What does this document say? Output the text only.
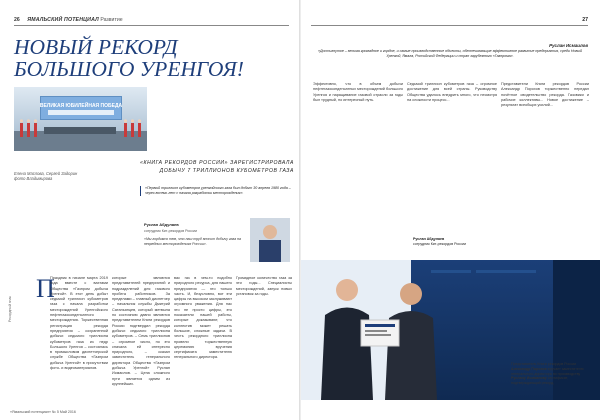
26 ЯМАЛЬСКИЙ ПОТЕНЦИАЛ Развитие
НОВЫЙ РЕКОРД
БОЛЬШОГО УРЕНГОЯ!
ВЕЛИКАЯ ЮБИЛЕЙНАЯ ПОБЕДА
«КНИГА РЕКОРДОВ РОССИИ» ЗАРЕГИСТРИРОВАЛА ДОБЫЧУ 7 ТРИЛЛИОНОВ КУБОМЕТРОВ ГАЗА
Елена Маслова, Сергей Задорин
фото Владимирова
«Первый триллион кубометров уренгойского газа был добыт 30 апреля 1980 года – через восемь лет с начала разработки месторождения».
Руслан Абдулаев
сотрудник Кит-рекордов России
«Мы гордимся тем, что наш труд вносит добычу газа на невредных месторождениях России».
П
Праздник в начале марта 2019 года вместе с вахтами Общества «Газпром добыча Уренгой». В этот день добыт седьмой триллион кубометров газа с начала разработки месторождений Уренгойского нефтегазоконденсатного месторождения. Торжественная регистрация рекорда предприятия – сохраненной добычи седьмого триллиона кубометров газа из недр Большого Уренгоя – состоялась в промысловом диспетчерской службе Общества «Газпром добыча Уренгой» в присутствии фото- и видеоматериалов.
которые являются представителей предприятий и подразделений для газового пробега работников. За пределами – главный диспетчер – начальник службы Дмитрий Сатаньянцев, который метвыла по состоянию давно являются представителем Книги рекордов России подтвердил рекорда добычи седьмого триллиона кубометров. – Семь триллионов – огромное число, но это сначала ей интересно природного, – сказал заместитель генерального директора Общества «Газпром добыча Уренгой» Руслан Исмаилов. – Цена сложного пути является одним из крупнейших.
вас газ в чем-то подобно природного ресурса, для нашего предприятия — это только часть. И, безусловно, вот эти цифры на высоком заслуживают огромного уважения. Для нас это не просто цифры, это показатели нашей работы, которые доказывают, что коллектив может решать большие, сложные задачи. В честь рекордного триллиона провели торжественную церемонию вручения сертификата заместителю генерального директора.
Громадное количество газа за эти годы... Специалисты месторождений, запуск новых установок за годы.
Рекордный знак
«Ямальский потенциал» № 5 Май 2016
27
Руслан Исмаилов
«Достигнутое – весьма громадное и гордое, и самые производственные объекты, обеспечивающие эффективное развитие предприятия, среди Новый Уренгой, Ямала, Российской Федерации и стран зарубежного «Газпрома».
Эффективно, что в объем добычи нефтегазоконденсатных месторождений большого Уренгоя и наращивание газовой отрасли за годы был трудный, но интересный путь.
Седьмой триллион кубометров газа – огромное достижение для всей страны. Руководству Общества удалось внедрить много, что несмотря на сложности процесс...
Представители Книги рекордов России Александр Порохов торжественно передал почётное свидетельство рекорда. Газовики и рабочие коллективы... Новое достижение – результат всеобщих усилий...
Руслан Абдулаев
сотрудник Кит-рекордов России
Представитель Книги рекордов России Александр Порохов вручает заместителю генерального директора по производству Руслану Исмаилову сертификат, подтверждающий рекорд.
